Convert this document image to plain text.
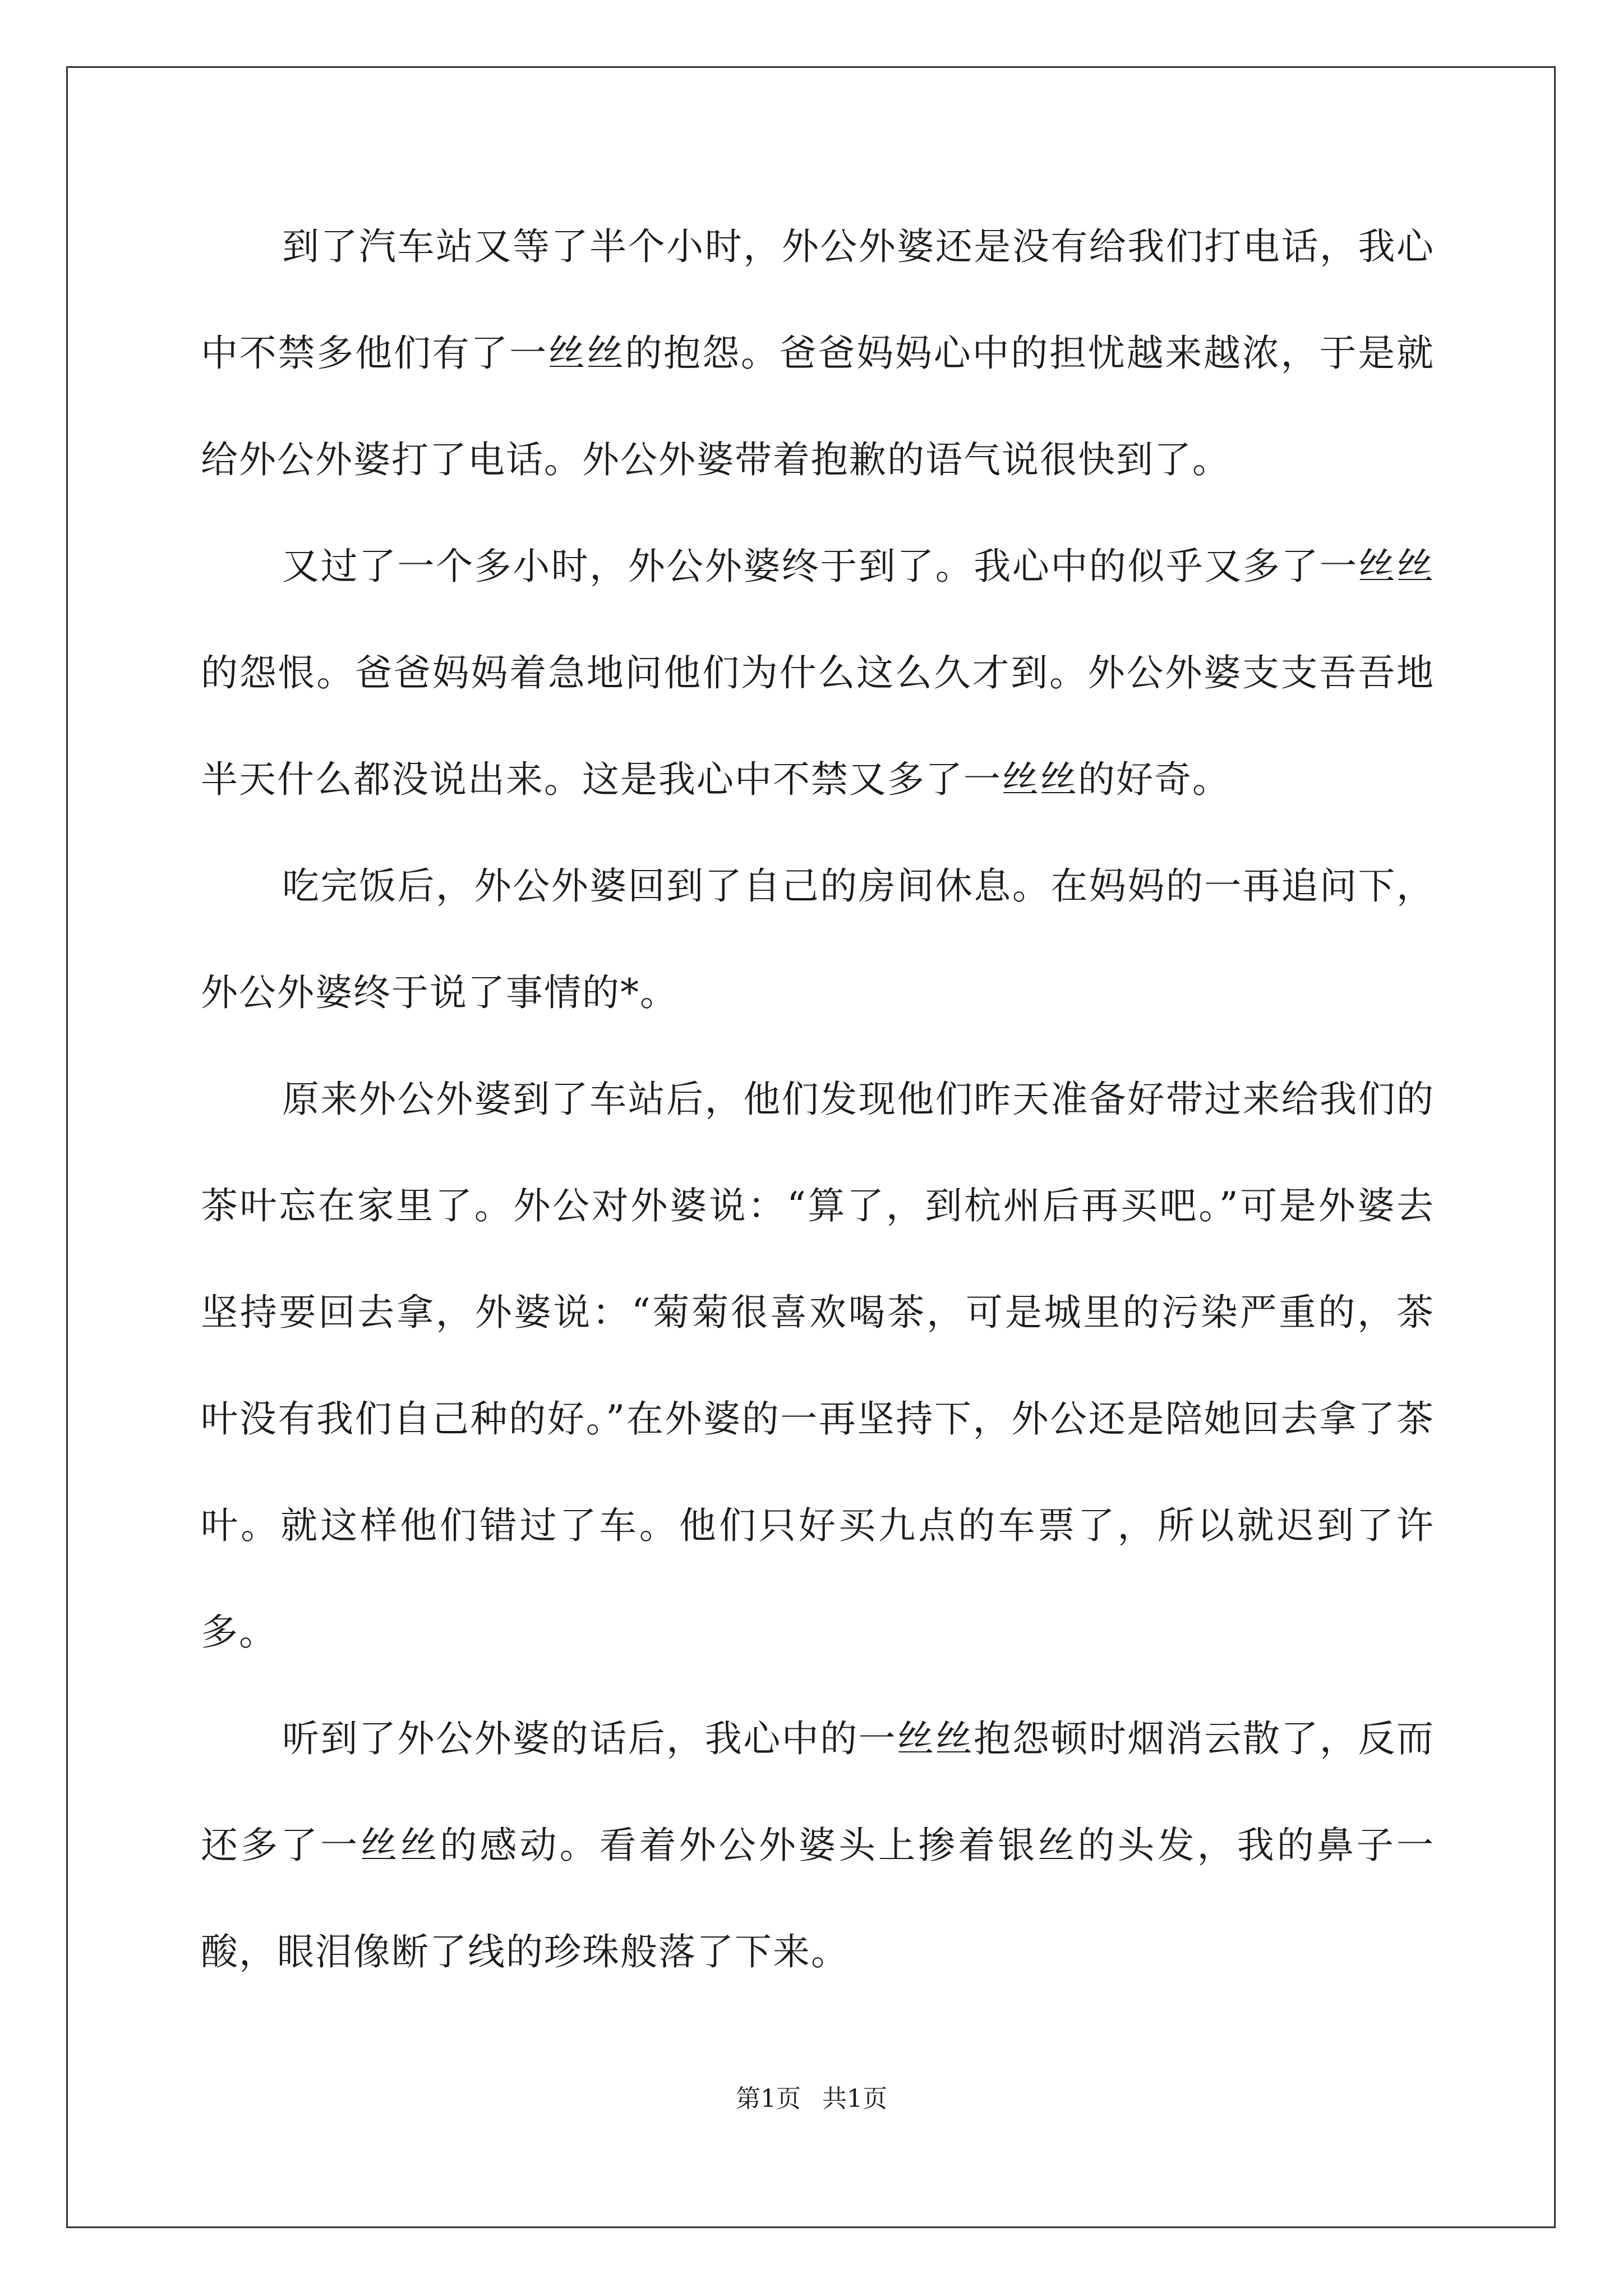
到了汽车站又等了半个小时，外公外婆还是没有给我们打电话，我心中不禁多他们有了一丝丝的抱怨。爸爸妈妈心中的担忧越来越浓，于是就给外公外婆打了电话。外公外婆带着抱歉的语气说很快到了。

又过了一个多小时，外公外婆终于到了。我心中的似乎又多了一丝丝的怨恨。爸爸妈妈着急地问他们为什么这么久才到。外公外婆支支吾吾地半天什么都没说出来。这是我心中不禁又多了一丝丝的好奇。

吃完饭后，外公外婆回到了自己的房间休息。在妈妈的一再追问下，外公外婆终于说了事情的*。

原来外公外婆到了车站后，他们发现他们昨天准备好带过来给我们的茶叶忘在家里了。外公对外婆说：“算了，到杭州后再买吧。”可是外婆去坚持要回去拿，外婆说：“菊菊很喜欢喝茶，可是城里的污染严重的，茶叶没有我们自己种的好。”在外婆的一再坚持下，外公还是陪她回去拿了茶叶。就这样他们错过了车。他们只好买九点的车票了，所以就迟到了许多。

听到了外公外婆的话后，我心中的一丝丝抱怨顿时烟消云散了，反而还多了一丝丝的感动。看着外公外婆头上掺着银丝的头发，我的鼻子一酸，眼泪像断了线的珍珠般落了下来。

第1页 共1页
